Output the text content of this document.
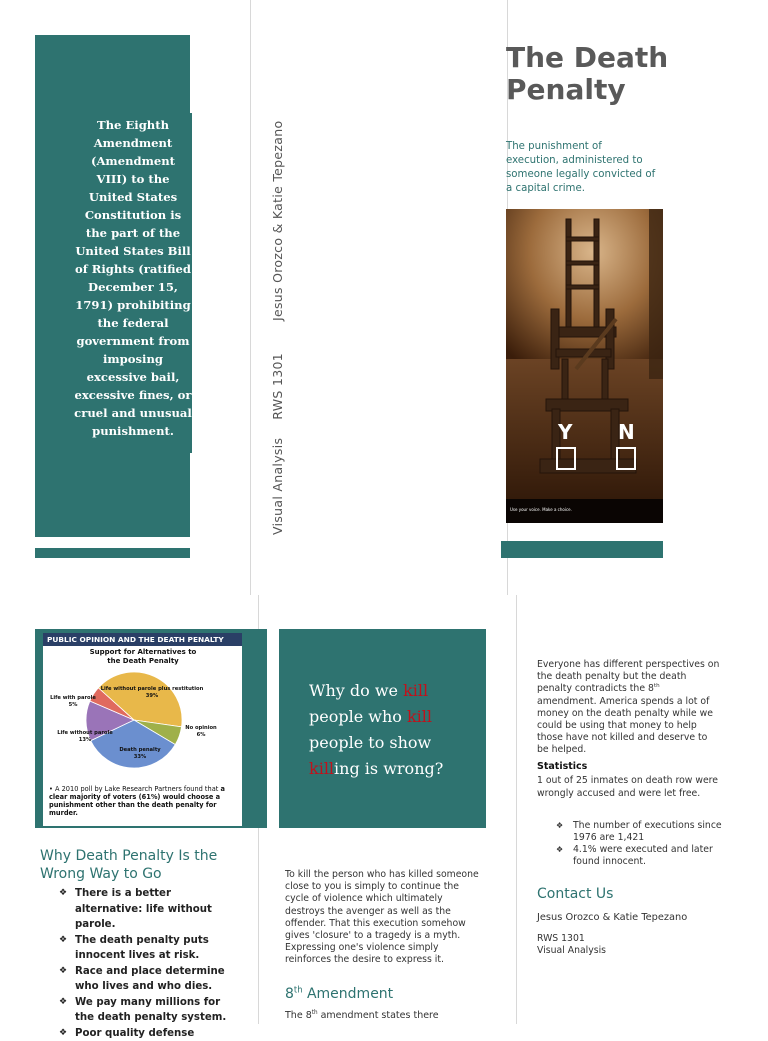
The Eighth Amendment (Amendment VIII) to the United States Constitution is the part of the United States Bill of Rights (ratified December 15, 1791) prohibiting the federal government from imposing excessive bail, excessive fines, or cruel and unusual punishment.
Visual AnalysisRWS 1301Jesus Orozco & Katie Tepezano
The Death Penalty
The punishment of execution, administered to someone legally convicted of a capital crime.
Y N
Use your voice. Make a choice.
PUBLIC OPINION AND THE DEATH PENALTY
Support for Alternatives to the Death Penalty
Life without parole plus restitution
39%
No opinion
6%
Death penalty
33%
Life without parole
13%
Life with parole
5%
• A 2010 poll by Lake Research Partners found that a clear majority of voters (61%) would choose a punishment other than the death penalty for murder.
Why Death Penalty Is the Wrong Way to Go
❖ There is a better alternative: life without parole.
❖ The death penalty puts innocent lives at risk.
❖ Race and place determine who lives and who dies.
❖ We pay many millions for the death penalty system.
❖ Poor quality defense
Why do we kill
people who kill
people to show
killing is wrong?
To kill the person who has killed someone close to you is simply to continue the cycle of violence which ultimately destroys the avenger as well as the offender. That this execution somehow gives 'closure' to a tragedy is a myth. Expressing one's violence simply reinforces the desire to express it.
8th Amendment
The 8th amendment states there
Everyone has different perspectives on the death penalty but the death penalty contradicts the 8th amendment. America spends a lot of money on the death penalty while we could be using that money to help those have not killed and deserve to be helped.
Statistics
1 out of 25 inmates on death row were wrongly accused and were let free.
❖ The number of executions since 1976 are 1,421
❖ 4.1% were executed and later found innocent.
Contact Us
Jesus Orozco & Katie Tepezano
RWS 1301
Visual Analysis
